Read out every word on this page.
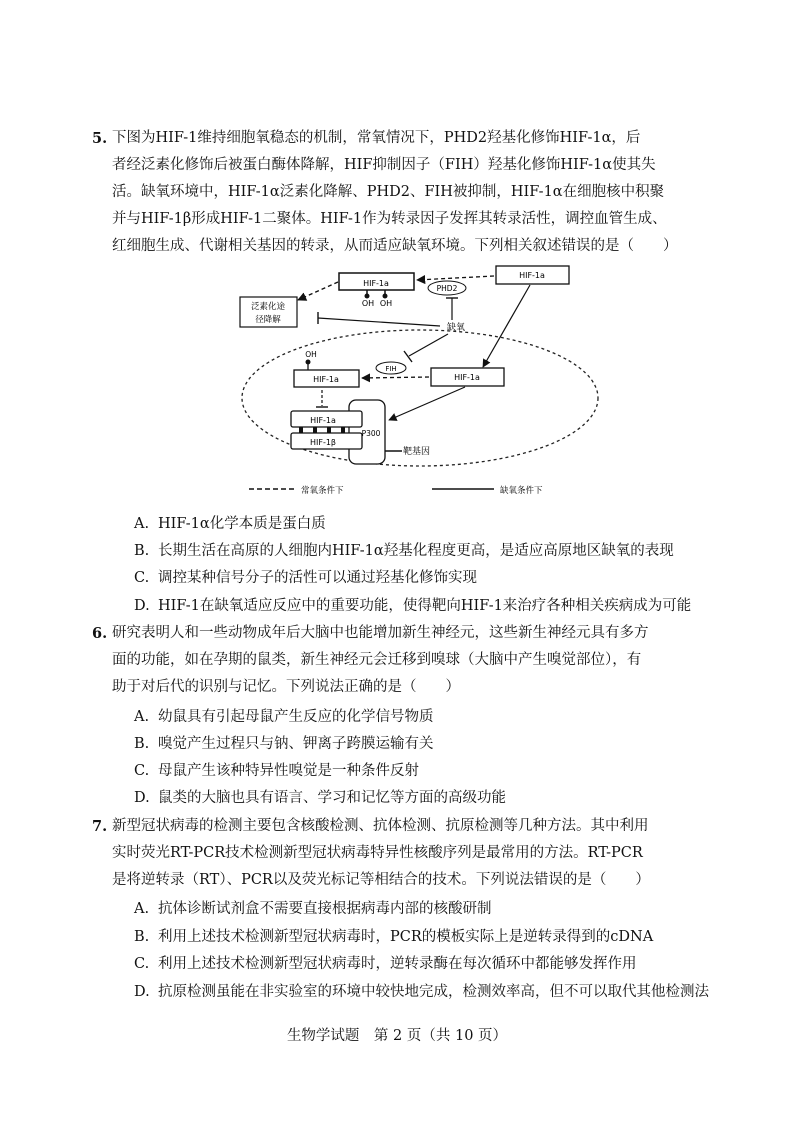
5. 下图为HIF-1维持细胞氧稳态的机制，常氧情况下，PHD2羟基化修饰HIF-1α，后

者经泛素化修饰后被蛋白酶体降解，HIF抑制因子（FIH）羟基化修饰HIF-1α使其失

活。缺氧环境中，HIF-1α泛素化降解、PHD2、FIH被抑制，HIF-1α在细胞核中积聚

并与HIF-1β形成HIF-1二聚体。HIF-1作为转录因子发挥其转录活性，调控血管生成、

红细胞生成、代谢相关基因的转录，从而适应缺氧环境。下列相关叙述错误的是（　　）

HIF-1a
OH OH
HIF-1a
PHD2
泛素化途
径降解
缺氧
FIH
HIF-1a
OH
HIF-1a
P300
HIF-1a
HIF-1β
靶基因
常氧条件下	缺氧条件下
A. HIF-1α化学本质是蛋白质
B. 长期生活在高原的人细胞内HIF-1α羟基化程度更高，是适应高原地区缺氧的表现
C. 调控某种信号分子的活性可以通过羟基化修饰实现
D. HIF-1在缺氧适应反应中的重要功能，使得靶向HIF-1来治疗各种相关疾病成为可能
6. 研究表明人和一些动物成年后大脑中也能增加新生神经元，这些新生神经元具有多方

面的功能，如在孕期的鼠类，新生神经元会迁移到嗅球（大脑中产生嗅觉部位），有

助于对后代的识别与记忆。下列说法正确的是（　　）

A. 幼鼠具有引起母鼠产生反应的化学信号物质
B. 嗅觉产生过程只与钠、钾离子跨膜运输有关
C. 母鼠产生该种特异性嗅觉是一种条件反射
D. 鼠类的大脑也具有语言、学习和记忆等方面的高级功能
7. 新型冠状病毒的检测主要包含核酸检测、抗体检测、抗原检测等几种方法。其中利用

实时荧光RT-PCR技术检测新型冠状病毒特异性核酸序列是最常用的方法。RT-PCR

是将逆转录（RT）、PCR以及荧光标记等相结合的技术。下列说法错误的是（　　）

A. 抗体诊断试剂盒不需要直接根据病毒内部的核酸研制
B. 利用上述技术检测新型冠状病毒时，PCR的模板实际上是逆转录得到的cDNA
C. 利用上述技术检测新型冠状病毒时，逆转录酶在每次循环中都能够发挥作用
D. 抗原检测虽能在非实验室的环境中较快地完成，检测效率高，但不可以取代其他检测法
生物学试题　第 2 页（共 10 页）
